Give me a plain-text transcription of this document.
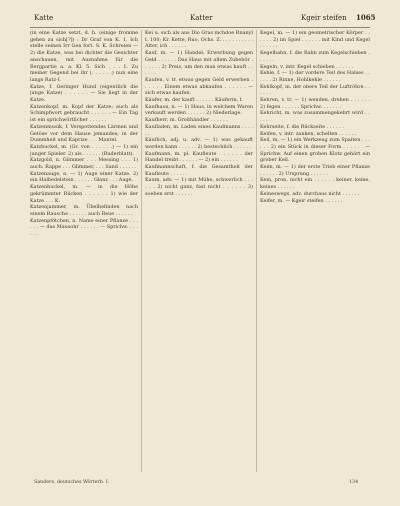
Katte	Katter	Kgeir steifen 1065

(in eine Katze setzt, d. h. (einige fromme gehen zu sich[?]) : Dr Graf von K. 1. Ich stelle seinen Irr Gen fort. S. K. Schreien — 2) die Katze, was bei dichter die Gesichter anschauen, mit Ausnahme für die Bergpartie a. a. Kl. 5. Sich . . . 1. Zu meiner Gegend bei ihr (. . . . . .) nun eine langs Ratz-I.

Katze, f. Geringer Hund (eigentlich die junge Katze) . . . . . . — Sie liegt in der Katze.

Katzenkopf, m. Kopf der Katze; auch als Schimpfwort gebraucht . . . . . . — Ein Tag ist ein sprichwörtlicher . . . . . .

Katzenmusik, f. Verspottendes Lärmen und Getöse vor dem Hause jemandes; in der Dummheit und Kaprize . . . Mantel.

Katzbuckel, m. (Gr. von . . . . . .) — 1) ein junger Spieler. 2) als . . . . . . (Ruderblatt).

Katzgold, n. Glimmer . . . Messing . . . 1) auch: Rappe . . . Glimmer, . . . Sand . . . . . .

Katzenauge, n. — 1) Auge einer Katze. 2) ein Halbedelstein . . . . . . Glanz . . . Auge.

Katzenbuckel, m. — in die Höhe gekrümmter Rücken . . . . . . 1) wie der Katze . . . K.

Katzenjammer, m. Übelbefinden nach einem Rausche . . . . . . auch Reue . . . . . .

Katzenpfötchen, n. Name einer Pflanze . . . . . . — das Mausohr . . . . . . — Sprichw. . . . . . .

Kei u. sich als aus Dio Gras mchdoe Rnanyl t. 100; Kr. Kette, Ruo, Ochs. Z. . . . . . . . . . . Alter, ich . . . . . .

Kauf, m. — 1) Handel; Erwerbung gegen Geld . . . . . . Das Haus mit allem Zubehör . . . . . . 2) Preis, um den man etwas kauft . . . . . .

Kaufen, v. tr. etwas gegen Geld erwerben . . . . . . Einem etwas abkaufen . . . . . . — sich etwas kaufen.

Käufer, m. der kauft . . . . . . Käuferin, f.

Kaufhaus, n. — 1) Haus, in welchem Waren verkauft werden . . . . . . 2) Niederlage.

Kaufherr, m. Großhändler . . . . . .

Kaufladen, m. Laden eines Kaufmanns . . . . . .

Käuflich, adj. u. adv. — 1) was gekauft werden kann . . . . . . 2) bestechlich . . . . . .

Kaufmann, m. pl. Kaufleute . . . . . . der Handel treibt . . . . . . — 2) ein . . . . . .

Kaufmannschaft, f. die Gesamtheit der Kaufleute . . . . . .

Kaum, adv. — 1) mit Mühe, schwerlich . . . . . . 2) nicht ganz, fast nicht . . . . . . 3) soeben erst . . . . . .

Kegel, m. — 1) ein geometrischer Körper . . . . . . 2) im Spiel . . . . . . mit Kind und Kegel . . . . . .

Kegelbahn, f. die Bahn zum Kegelschieben . . . . . .

Kegeln, v. intr. Kegel schieben . . . . . .

Kehle, f. — 1) der vordere Teil des Halses . . . . . . 2) Rinne, Hohlkehle . . . . . .

Kehlkopf, m. der obere Teil der Luftröhre . . . . . .

Kehren, v. tr. — 1) wenden, drehen . . . . . . 2) fegen . . . . . . Sprichw. . . . . . .

Kehricht, m. was zusammengekehrt wird . . . . . .

Kehrseite, f. die Rückseite . . . . . .

Keifen, v. intr. zanken, schelten . . . . . .

Keil, m. — 1) ein Werkzeug zum Spalten . . . . . . 2) ein Stück in dieser Form . . . . . . — Sprichw. Auf einen groben Klotz gehört ein grober Keil.

Keim, m. — 1) der erste Trieb einer Pflanze . . . . . . 2) Ursprung . . . . . .

Kein, pron. nicht ein . . . . . . keiner, keine, keines . . . . . .

Keineswegs, adv. durchaus nicht . . . . . .

Keifer, m. — Kgeir steifen . . . . . .

Sanders, deutsches Wörterb. I.	134
